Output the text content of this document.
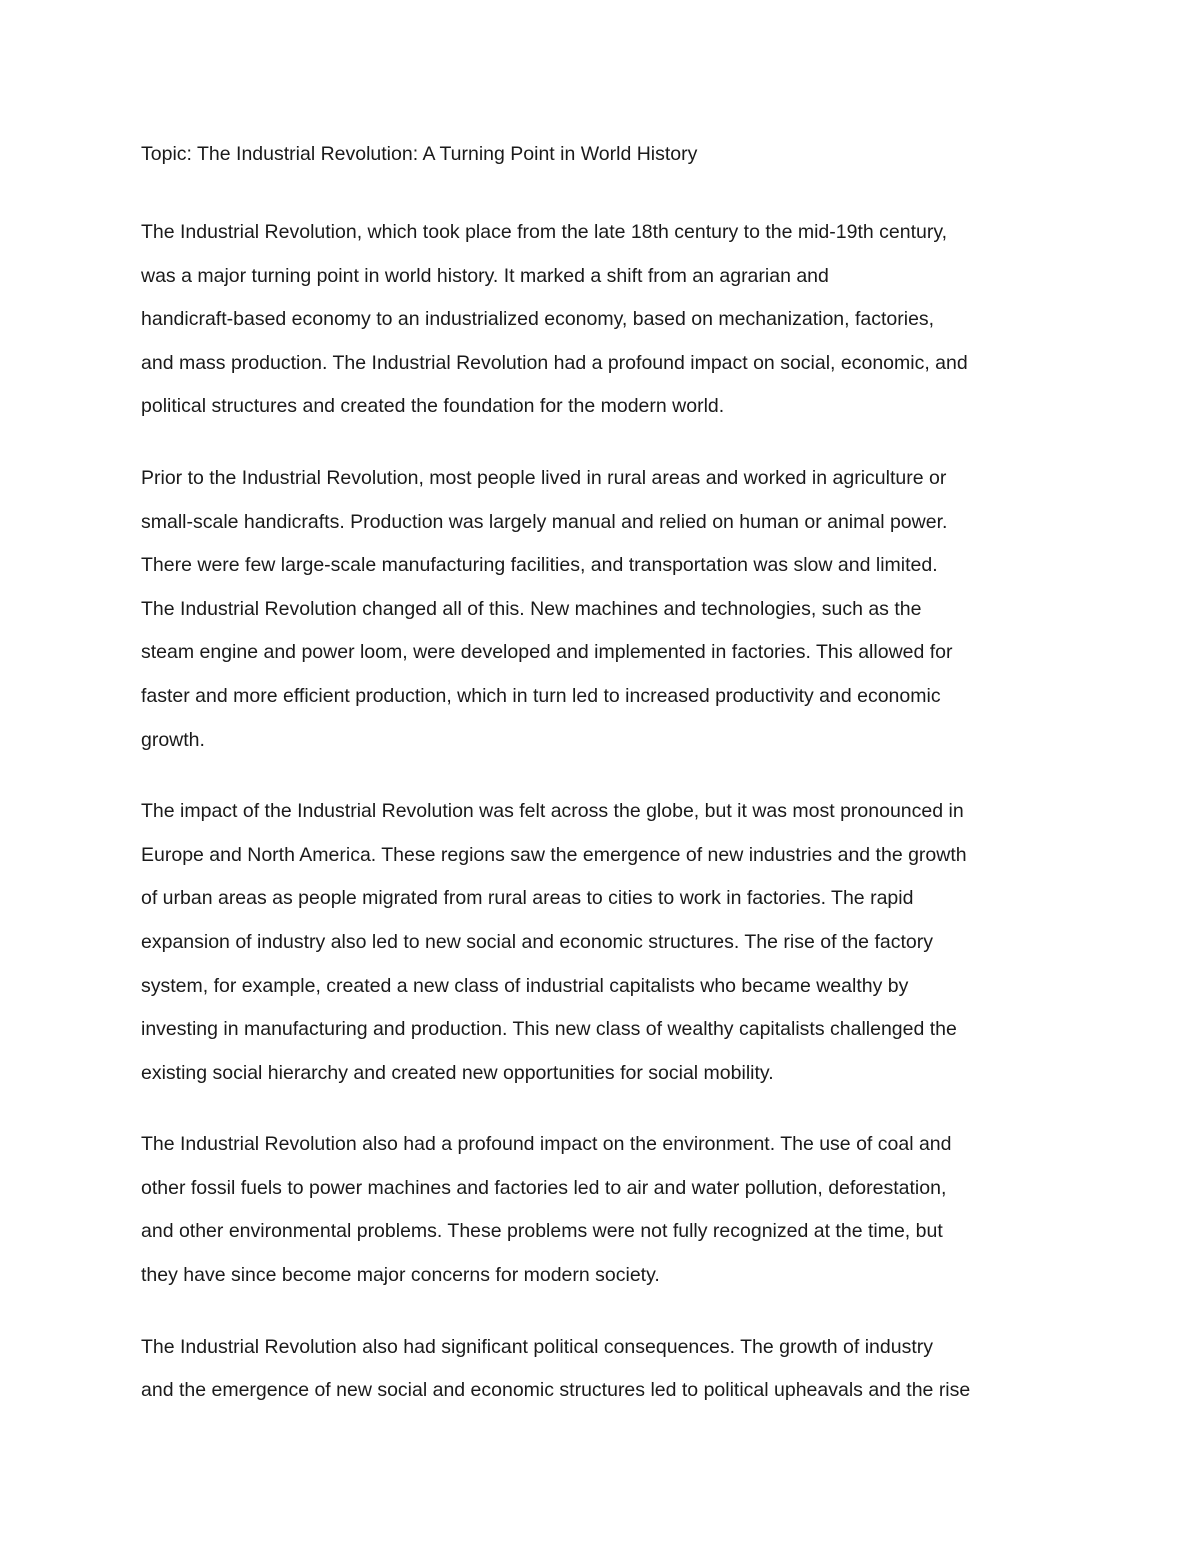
Topic: The Industrial Revolution: A Turning Point in World History

The Industrial Revolution, which took place from the late 18th century to the mid-19th century,
was a major turning point in world history. It marked a shift from an agrarian and
handicraft-based economy to an industrialized economy, based on mechanization, factories,
and mass production. The Industrial Revolution had a profound impact on social, economic, and
political structures and created the foundation for the modern world.

Prior to the Industrial Revolution, most people lived in rural areas and worked in agriculture or
small-scale handicrafts. Production was largely manual and relied on human or animal power.
There were few large-scale manufacturing facilities, and transportation was slow and limited.
The Industrial Revolution changed all of this. New machines and technologies, such as the
steam engine and power loom, were developed and implemented in factories. This allowed for
faster and more efficient production, which in turn led to increased productivity and economic
growth.

The impact of the Industrial Revolution was felt across the globe, but it was most pronounced in
Europe and North America. These regions saw the emergence of new industries and the growth
of urban areas as people migrated from rural areas to cities to work in factories. The rapid
expansion of industry also led to new social and economic structures. The rise of the factory
system, for example, created a new class of industrial capitalists who became wealthy by
investing in manufacturing and production. This new class of wealthy capitalists challenged the
existing social hierarchy and created new opportunities for social mobility.

The Industrial Revolution also had a profound impact on the environment. The use of coal and
other fossil fuels to power machines and factories led to air and water pollution, deforestation,
and other environmental problems. These problems were not fully recognized at the time, but
they have since become major concerns for modern society.

The Industrial Revolution also had significant political consequences. The growth of industry
and the emergence of new social and economic structures led to political upheavals and the rise
